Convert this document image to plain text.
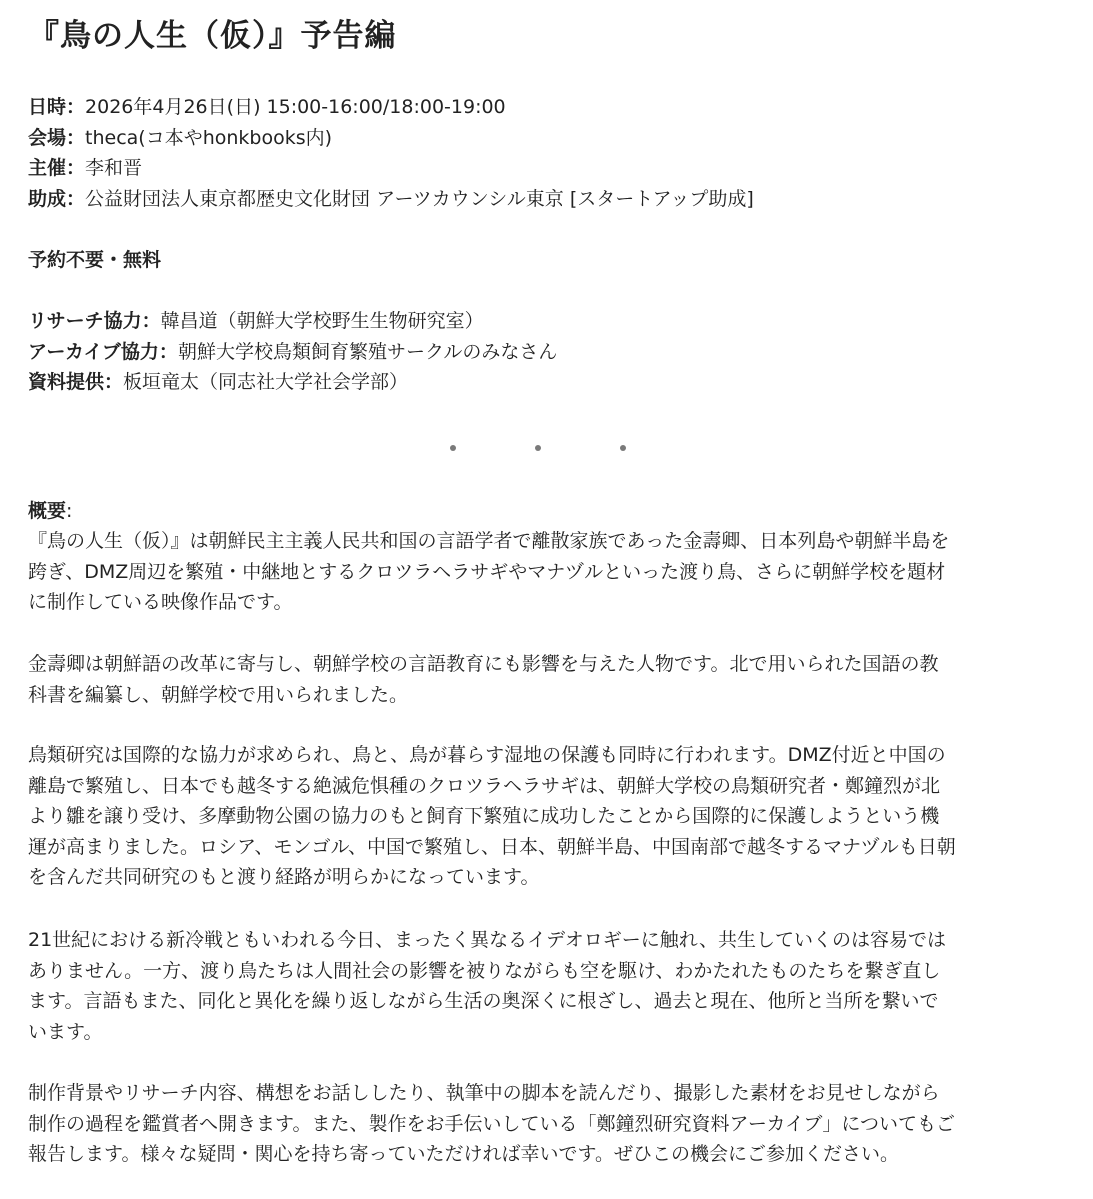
『鳥の人生（仮）』予告編
日時：2026年4月26日(日) 15:00-16:00/18:00-19:00
会場：theca(コ本やhonkbooks内)
主催：李和晋
助成：公益財団法人東京都歴史文化財団 アーツカウンシル東京 [スタートアップ助成]
予約不要・無料
リサーチ協力：韓昌道（朝鮮大学校野生生物研究室）
アーカイブ協力：朝鮮大学校鳥類飼育繁殖サークルのみなさん
資料提供：板垣竜太（同志社大学社会学部）
概要:
『鳥の人生（仮）』は朝鮮民主主義人民共和国の言語学者で離散家族であった金壽卿、日本列島や朝鮮半島を
跨ぎ、DMZ周辺を繁殖・中継地とするクロツラヘラサギやマナヅルといった渡り鳥、さらに朝鮮学校を題材
に制作している映像作品です。
金壽卿は朝鮮語の改革に寄与し、朝鮮学校の言語教育にも影響を与えた人物です。北で用いられた国語の教
科書を編纂し、朝鮮学校で用いられました。
鳥類研究は国際的な協力が求められ、鳥と、鳥が暮らす湿地の保護も同時に行われます。DMZ付近と中国の
離島で繁殖し、日本でも越冬する絶滅危惧種のクロツラヘラサギは、朝鮮大学校の鳥類研究者・鄭鐘烈が北
より雛を譲り受け、多摩動物公園の協力のもと飼育下繁殖に成功したことから国際的に保護しようという機
運が高まりました。ロシア、モンゴル、中国で繁殖し、日本、朝鮮半島、中国南部で越冬するマナヅルも日朝
を含んだ共同研究のもと渡り経路が明らかになっています。
21世紀における新冷戦ともいわれる今日、まったく異なるイデオロギーに触れ、共生していくのは容易では
ありません。一方、渡り鳥たちは人間社会の影響を被りながらも空を駆け、わかたれたものたちを繋ぎ直し
ます。言語もまた、同化と異化を繰り返しながら生活の奥深くに根ざし、過去と現在、他所と当所を繋いで
います。
制作背景やリサーチ内容、構想をお話ししたり、執筆中の脚本を読んだり、撮影した素材をお見せしながら
制作の過程を鑑賞者へ開きます。また、製作をお手伝いしている「鄭鐘烈研究資料アーカイブ」についてもご
報告します。様々な疑問・関心を持ち寄っていただければ幸いです。ぜひこの機会にご参加ください。
